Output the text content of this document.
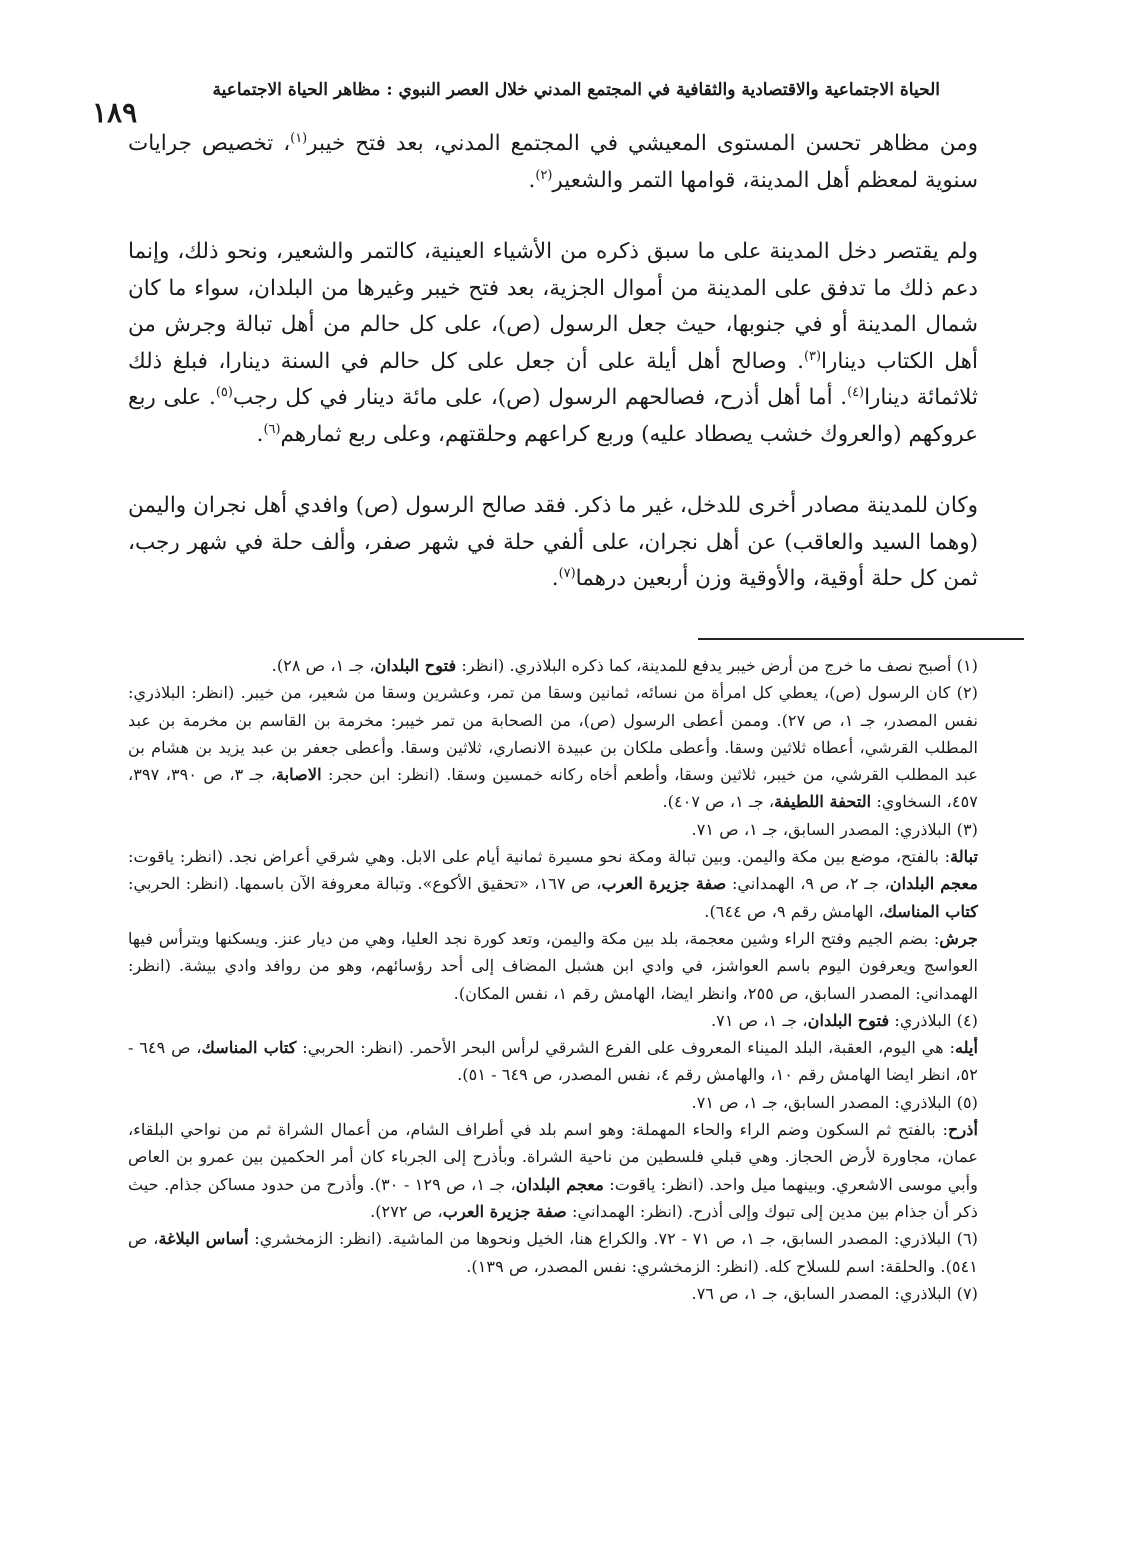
الحياة الاجتماعية والاقتصادية والثقافية في المجتمع المدني خلال العصر النبوي : مظاهر الحياة الاجتماعية
١٨٩

ومن مظاهر تحسن المستوى المعيشي في المجتمع المدني، بعد فتح خيبر$^{(١)}$، تخصيص جرايات سنوية لمعظم أهل المدينة، قوامها التمر والشعير$^{(٢)}$.

ولم يقتصر دخل المدينة على ما سبق ذكره من الأشياء العينية، كالتمر والشعير، ونحو ذلك، وإنما دعم ذلك ما تدفق على المدينة من أموال الجزية، بعد فتح خيبر وغيرها من البلدان، سواء ما كان شمال المدينة أو في جنوبها، حيث جعل الرسول (ص)، على كل حالم من أهل تبالة وجرش من أهل الكتاب دينارا$^{(٣)}$. وصالح أهل أيلة على أن جعل على كل حالم في السنة دينارا، فبلغ ذلك ثلاثمائة دينارا$^{(٤)}$. أما أهل أذرح، فصالحهم الرسول (ص)، على مائة دينار في كل رجب$^{(٥)}$. على ربع عروكهم (والعروك خشب يصطاد عليه) وربع كراعهم وحلقتهم، وعلى ربع ثمارهم$^{(٦)}$.

وكان للمدينة مصادر أخرى للدخل، غير ما ذكر. فقد صالح الرسول (ص) وافدي أهل نجران واليمن (وهما السيد والعاقب) عن أهل نجران، على ألفي حلة في شهر صفر، وألف حلة في شهر رجب، ثمن كل حلة أوقية، والأوقية وزن أربعين درهما$^{(٧)}$.

(١) أصبح نصف ما خرج من أرض خيبر يدفع للمدينة، كما ذكره البلاذري. (انظر: فتوح البلدان، جـ ١، ص ٢٨).

(٢) كان الرسول (ص)، يعطي كل امرأة من نسائه، ثمانين وسقا من تمر، وعشرين وسقا من شعير، من خيبر. (انظر: البلاذري: نفس المصدر، جـ ١، ص ٢٧). وممن أعطى الرسول (ص)، من الصحابة من تمر خيبر: مخرمة بن القاسم بن مخرمة بن عبد المطلب القرشي، أعطاه ثلاثين وسقا. وأعطى ملكان بن عبيدة الانصاري، ثلاثين وسقا. وأعطى جعفر بن عبد يزيد بن هشام بن عبد المطلب القرشي، من خيبر، ثلاثين وسقا، وأطعم أخاه ركانه خمسين وسقا. (انظر: ابن حجر: الاصابة، جـ ٣، ص ٣٩٠، ٣٩٧، ٤٥٧، السخاوي: التحفة اللطيفة، جـ ١، ص ٤٠٧).

(٣) البلاذري: المصدر السابق، جـ ١، ص ٧١.

تبالة: بالفتح، موضع بين مكة واليمن. وبين تبالة ومكة نحو مسيرة ثمانية أيام على الابل. وهي شرقي أعراض نجد. (انظر: ياقوت: معجم البلدان، جـ ٢، ص ٩، الهمداني: صفة جزيرة العرب، ص ١٦٧، «تحقيق الأكوع». وتبالة معروفة الآن باسمها. (انظر: الحربي: كتاب المناسك، الهامش رقم ٩، ص ٦٤٤).

جرش: بضم الجيم وفتح الراء وشين معجمة، بلد بين مكة واليمن، وتعد كورة نجد العليا، وهي من ديار عنز. ويسكنها ويترأس فيها العواسج ويعرفون اليوم باسم العواشز، في وادي ابن هشبل المضاف إلى أحد رؤسائهم، وهو من روافد وادي بيشة. (انظر: الهمداني: المصدر السابق، ص ٢٥٥، وانظر ايضا، الهامش رقم ١، نفس المكان).

(٤) البلاذري: فتوح البلدان، جـ ١، ص ٧١.

أيله: هي اليوم، العقبة، البلد الميناء المعروف على الفرع الشرقي لرأس البحر الأحمر. (انظر: الحربي: كتاب المناسك، ص ٦٤٩ - ٥٢، انظر ايضا الهامش رقم ١٠، والهامش رقم ٤، نفس المصدر، ص ٦٤٩ - ٥١).

(٥) البلاذري: المصدر السابق، جـ ١، ص ٧١.

أذرح: بالفتح ثم السكون وضم الراء والحاء المهملة: وهو اسم بلد في أطراف الشام، من أعمال الشراة ثم من نواحي البلقاء، عمان، مجاورة لأرض الحجاز. وهي قبلي فلسطين من ناحية الشراة. وبأذرح إلى الجرباء كان أمر الحكمين بين عمرو بن العاص وأبي موسى الاشعري. وبينهما ميل واحد. (انظر: ياقوت: معجم البلدان، جـ ١، ص ١٢٩ - ٣٠). وأذرح من حدود مساكن جذام. حيث ذكر أن جذام بين مدين إلى تبوك وإلى أذرح. (انظر: الهمداني: صفة جزيرة العرب، ص ٢٧٢).

(٦) البلاذري: المصدر السابق، جـ ١، ص ٧١ - ٧٢. والكراع هنا، الخيل ونحوها من الماشية. (انظر: الزمخشري: أساس البلاغة، ص ٥٤١). والحلقة: اسم للسلاح كله. (انظر: الزمخشري: نفس المصدر، ص ١٣٩).

(٧) البلاذري: المصدر السابق، جـ ١، ص ٧٦.
